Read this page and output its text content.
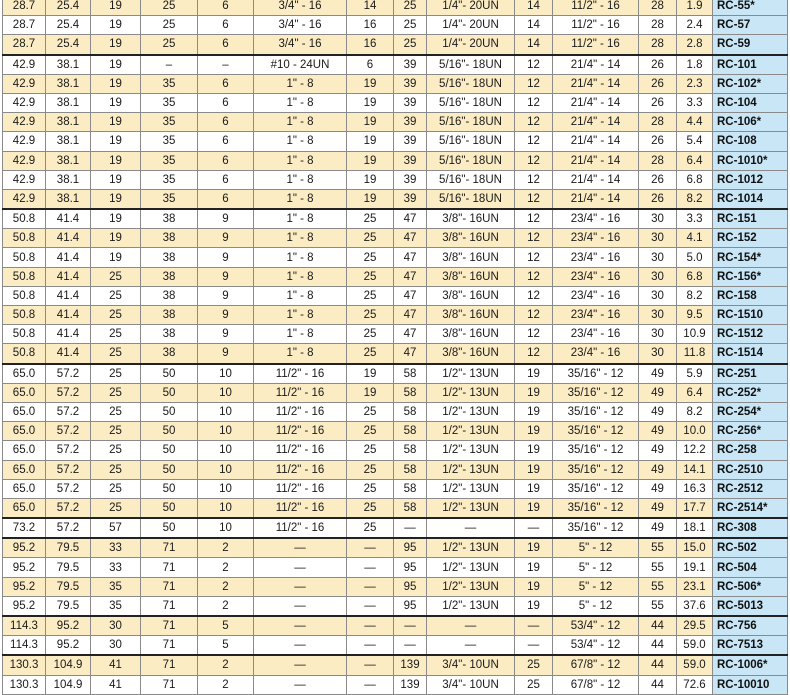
28.7	25.4	19	25	6	3/4" - 16	14	25	1/4"- 20UN	14	11/2" - 16	28	1.9	RC-55*
28.7	25.4	19	25	6	3/4" - 16	16	25	1/4"- 20UN	14	11/2" - 16	28	2.4	RC-57
28.7	25.4	19	25	6	3/4" - 16	16	25	1/4"- 20UN	14	11/2" - 16	28	2.8	RC-59
42.9	38.1	19	–	–	#10 - 24UN	6	39	5/16"- 18UN	12	21/4" - 14	26	1.8	RC-101
42.9	38.1	19	35	6	1" - 8	19	39	5/16"- 18UN	12	21/4" - 14	26	2.3	RC-102*
42.9	38.1	19	35	6	1" - 8	19	39	5/16"- 18UN	12	21/4" - 14	26	3.3	RC-104
42.9	38.1	19	35	6	1" - 8	19	39	5/16"- 18UN	12	21/4" - 14	28	4.4	RC-106*
42.9	38.1	19	35	6	1" - 8	19	39	5/16"- 18UN	12	21/4" - 14	26	5.4	RC-108
42.9	38.1	19	35	6	1" - 8	19	39	5/16"- 18UN	12	21/4" - 14	28	6.4	RC-1010*
42.9	38.1	19	35	6	1" - 8	19	39	5/16"- 18UN	12	21/4" - 14	26	6.8	RC-1012
42.9	38.1	19	35	6	1" - 8	19	39	5/16"- 18UN	12	21/4" - 14	26	8.2	RC-1014
50.8	41.4	19	38	9	1" - 8	25	47	3/8"- 16UN	12	23/4" - 16	30	3.3	RC-151
50.8	41.4	19	38	9	1" - 8	25	47	3/8"- 16UN	12	23/4" - 16	30	4.1	RC-152
50.8	41.4	19	38	9	1" - 8	25	47	3/8"- 16UN	12	23/4" - 16	30	5.0	RC-154*
50.8	41.4	25	38	9	1" - 8	25	47	3/8"- 16UN	12	23/4" - 16	30	6.8	RC-156*
50.8	41.4	25	38	9	1" - 8	25	47	3/8"- 16UN	12	23/4" - 16	30	8.2	RC-158
50.8	41.4	25	38	9	1" - 8	25	47	3/8"- 16UN	12	23/4" - 16	30	9.5	RC-1510
50.8	41.4	25	38	9	1" - 8	25	47	3/8"- 16UN	12	23/4" - 16	30	10.9	RC-1512
50.8	41.4	25	38	9	1" - 8	25	47	3/8"- 16UN	12	23/4" - 16	30	11.8	RC-1514
65.0	57.2	25	50	10	11/2" - 16	19	58	1/2"- 13UN	19	35/16" - 12	49	5.9	RC-251
65.0	57.2	25	50	10	11/2" - 16	19	58	1/2"- 13UN	19	35/16" - 12	49	6.4	RC-252*
65.0	57.2	25	50	10	11/2" - 16	25	58	1/2"- 13UN	19	35/16" - 12	49	8.2	RC-254*
65.0	57.2	25	50	10	11/2" - 16	25	58	1/2"- 13UN	19	35/16" - 12	49	10.0	RC-256*
65.0	57.2	25	50	10	11/2" - 16	25	58	1/2"- 13UN	19	35/16" - 12	49	12.2	RC-258
65.0	57.2	25	50	10	11/2" - 16	25	58	1/2"- 13UN	19	35/16" - 12	49	14.1	RC-2510
65.0	57.2	25	50	10	11/2" - 16	25	58	1/2"- 13UN	19	35/16" - 12	49	16.3	RC-2512
65.0	57.2	25	50	10	11/2" - 16	25	58	1/2"- 13UN	19	35/16" - 12	49	17.7	RC-2514*
73.2	57.2	57	50	10	11/2" - 16	25	—	—	—	35/16" - 12	49	18.1	RC-308
95.2	79.5	33	71	2	—	—	95	1/2"- 13UN	19	5" - 12	55	15.0	RC-502
95.2	79.5	33	71	2	—	—	95	1/2"- 13UN	19	5" - 12	55	19.1	RC-504
95.2	79.5	35	71	2	—	—	95	1/2"- 13UN	19	5" - 12	55	23.1	RC-506*
95.2	79.5	35	71	2	—	—	95	1/2"- 13UN	19	5" - 12	55	37.6	RC-5013
114.3	95.2	30	71	5	—	—	—	—	—	53/4" - 12	44	29.5	RC-756
114.3	95.2	30	71	5	—	—	—	—	—	53/4" - 12	44	59.0	RC-7513
130.3	104.9	41	71	2	—	—	139	3/4"- 10UN	25	67/8" - 12	44	59.0	RC-1006*
130.3	104.9	41	71	2	—	—	139	3/4"- 10UN	25	67/8" - 12	44	72.6	RC-10010
